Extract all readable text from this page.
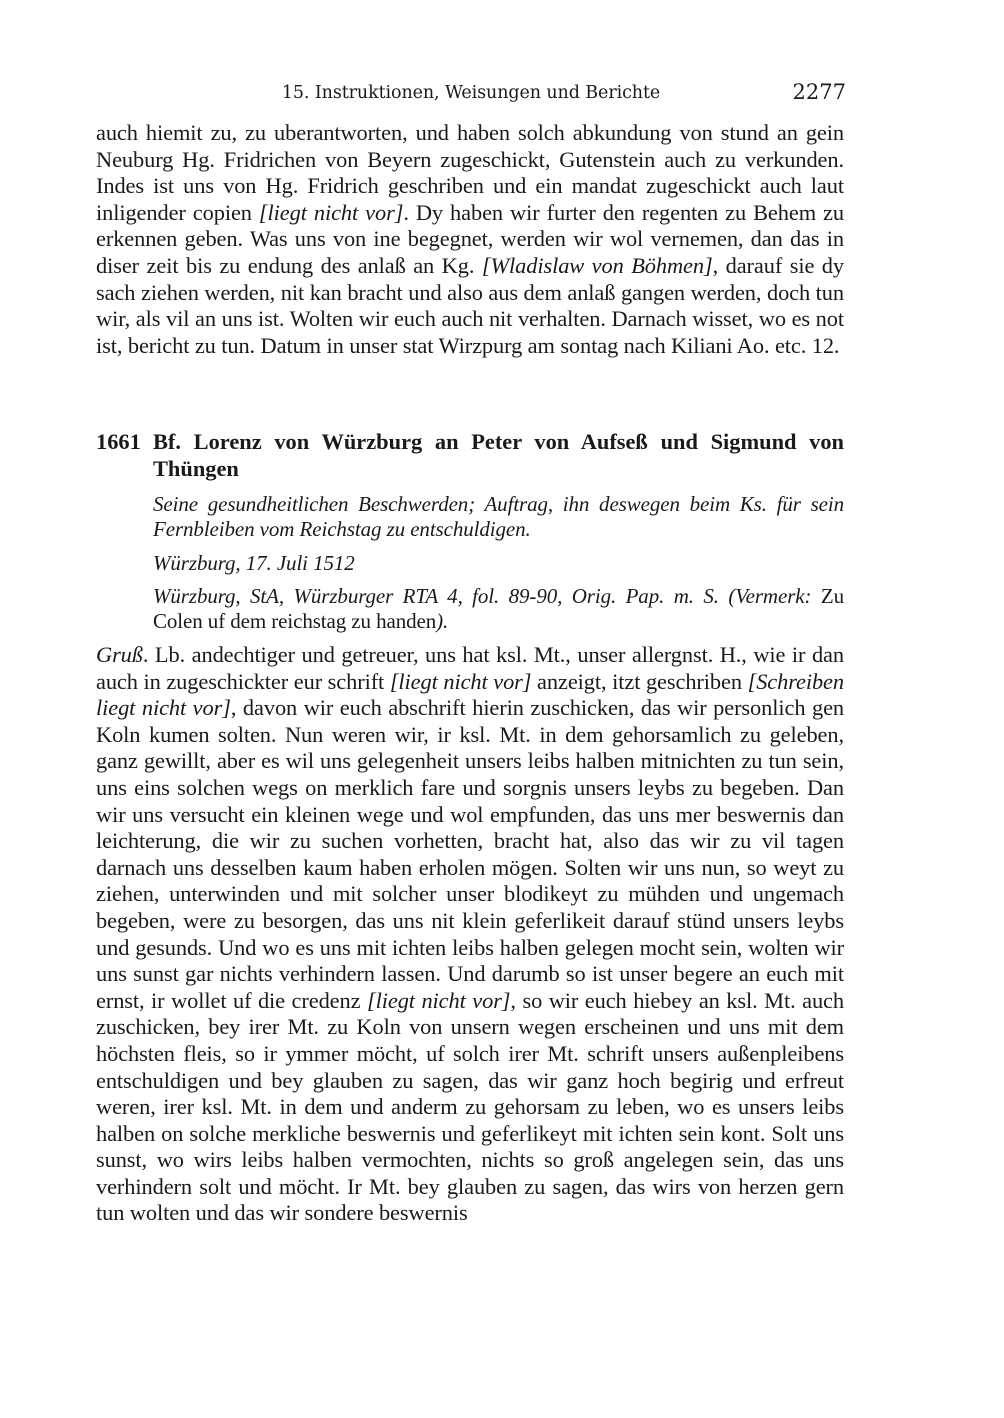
15. Instruktionen, Weisungen und Berichte	2277

auch hiemit zu, zu uberantworten, und haben solch abkundung von stund an gein Neuburg Hg. Fridrichen von Beyern zugeschickt, Gutenstein auch zu verkunden. Indes ist uns von Hg. Fridrich geschriben und ein mandat zugeschickt auch laut inligender copien [liegt nicht vor]. Dy haben wir furter den regenten zu Behem zu erkennen geben. Was uns von ine begegnet, werden wir wol vernemen, dan das in diser zeit bis zu endung des anlaß an Kg. [Wladislaw von Böhmen], darauf sie dy sach ziehen werden, nit kan bracht und also aus dem anlaß gangen werden, doch tun wir, als vil an uns ist. Wolten wir euch auch nit verhalten. Darnach wisset, wo es not ist, bericht zu tun. Datum in unser stat Wirzpurg am sontag nach Kiliani Ao. etc. 12.

1661 Bf. Lorenz von Würzburg an Peter von Aufseß und Sigmund von Thüngen
Seine gesundheitlichen Beschwerden; Auftrag, ihn deswegen beim Ks. für sein Fernbleiben vom Reichstag zu entschuldigen.
Würzburg, 17. Juli 1512
Würzburg, StA, Würzburger RTA 4, fol. 89-90, Orig. Pap. m. S. (Vermerk: Zu Colen uf dem reichstag zu handen).

Gruß. Lb. andechtiger und getreuer, uns hat ksl. Mt., unser allergnst. H., wie ir dan auch in zugeschickter eur schrift [liegt nicht vor] anzeigt, itzt geschriben [Schreiben liegt nicht vor], davon wir euch abschrift hierin zuschicken, das wir personlich gen Koln kumen solten. Nun weren wir, ir ksl. Mt. in dem gehorsamlich zu geleben, ganz gewillt, aber es wil uns gelegenheit unsers leibs halben mitnichten zu tun sein, uns eins solchen wegs on merklich fare und sorgnis unsers leybs zu begeben. Dan wir uns versucht ein kleinen wege und wol empfunden, das uns mer beswernis dan leichterung, die wir zu suchen vorhetten, bracht hat, also das wir zu vil tagen darnach uns desselben kaum haben erholen mögen. Solten wir uns nun, so weyt zu ziehen, unterwinden und mit solcher unser blodikeyt zu mühden und ungemach begeben, were zu besorgen, das uns nit klein geferlikeit darauf stünd unsers leybs und gesunds. Und wo es uns mit ichten leibs halben gelegen mocht sein, wolten wir uns sunst gar nichts verhindern lassen. Und darumb so ist unser begere an euch mit ernst, ir wollet uf die credenz [liegt nicht vor], so wir euch hiebey an ksl. Mt. auch zuschicken, bey irer Mt. zu Koln von unsern wegen erscheinen und uns mit dem höchsten fleis, so ir ymmer möcht, uf solch irer Mt. schrift unsers außenpleibens entschuldigen und bey glauben zu sagen, das wir ganz hoch begirig und erfreut weren, irer ksl. Mt. in dem und anderm zu gehorsam zu leben, wo es unsers leibs halben on solche merkliche beswernis und geferlikeyt mit ichten sein kont. Solt uns sunst, wo wirs leibs halben vermochten, nichts so groß angelegen sein, das uns verhindern solt und möcht. Ir Mt. bey glauben zu sagen, das wirs von herzen gern tun wolten und das wir sondere beswernis
